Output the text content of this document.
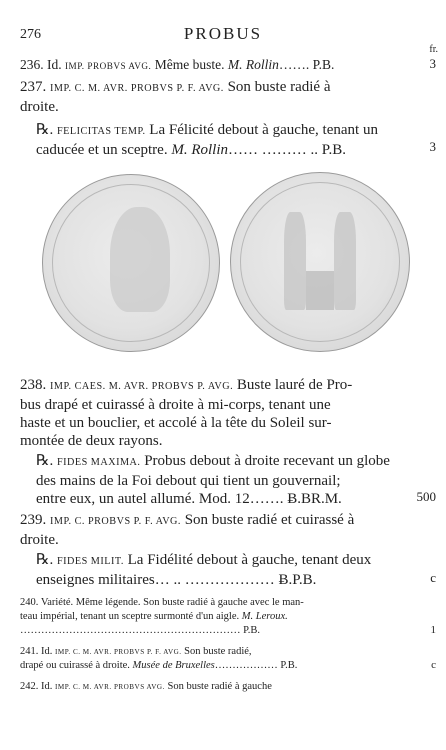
276	PROBUS
fr.
236. Id. IMP. PROBVS AVG. Même buste. M. Rollin……. P.B.	3
237. IMP. C. M. AVR. PROBVS P. F. AVG. Son buste radié à
droite.
℞. FELICITAS TEMP. La Félicité debout à gauche, tenant un
caducée et un sceptre. M. Rollin…… ……… .. P.B.	3
238. IMP. CAES. M. AVR. PROBVS P. AVG. Buste lauré de Pro-
bus drapé et cuirassé à droite à mi-corps, tenant une
haste et un bouclier, et accolé à la tête du Soleil sur-
montée de deux rayons.
℞. FIDES MAXIMA. Probus debout à droite recevant un globe
des mains de la Foi debout qui tient un gouvernail;
entre eux, un autel allumé. Mod. 12……. Ƀ.BR.M.	500
239. IMP. C. PROBVS P. F. AVG. Son buste radié et cuirassé à
droite.
℞. FIDES MILIT. La Fidélité debout à gauche, tenant deux
enseignes militaires… .. ……………… Ƀ.P.B.	c
240. Variété. Même légende. Son buste radié à gauche avec le man-
teau impérial, tenant un sceptre surmonté d'un aigle. M. Leroux.
……………………………………………………… P.B.	1
241. Id. IMP. C. M. AVR. PROBVS P. F. AVG. Son buste radié,
drapé ou cuirassé à droite. Musée de Bruxelles……………… P.B.	c
242. Id. IMP. C. M. AVR. PROBVS AVG. Son buste radié à gauche
